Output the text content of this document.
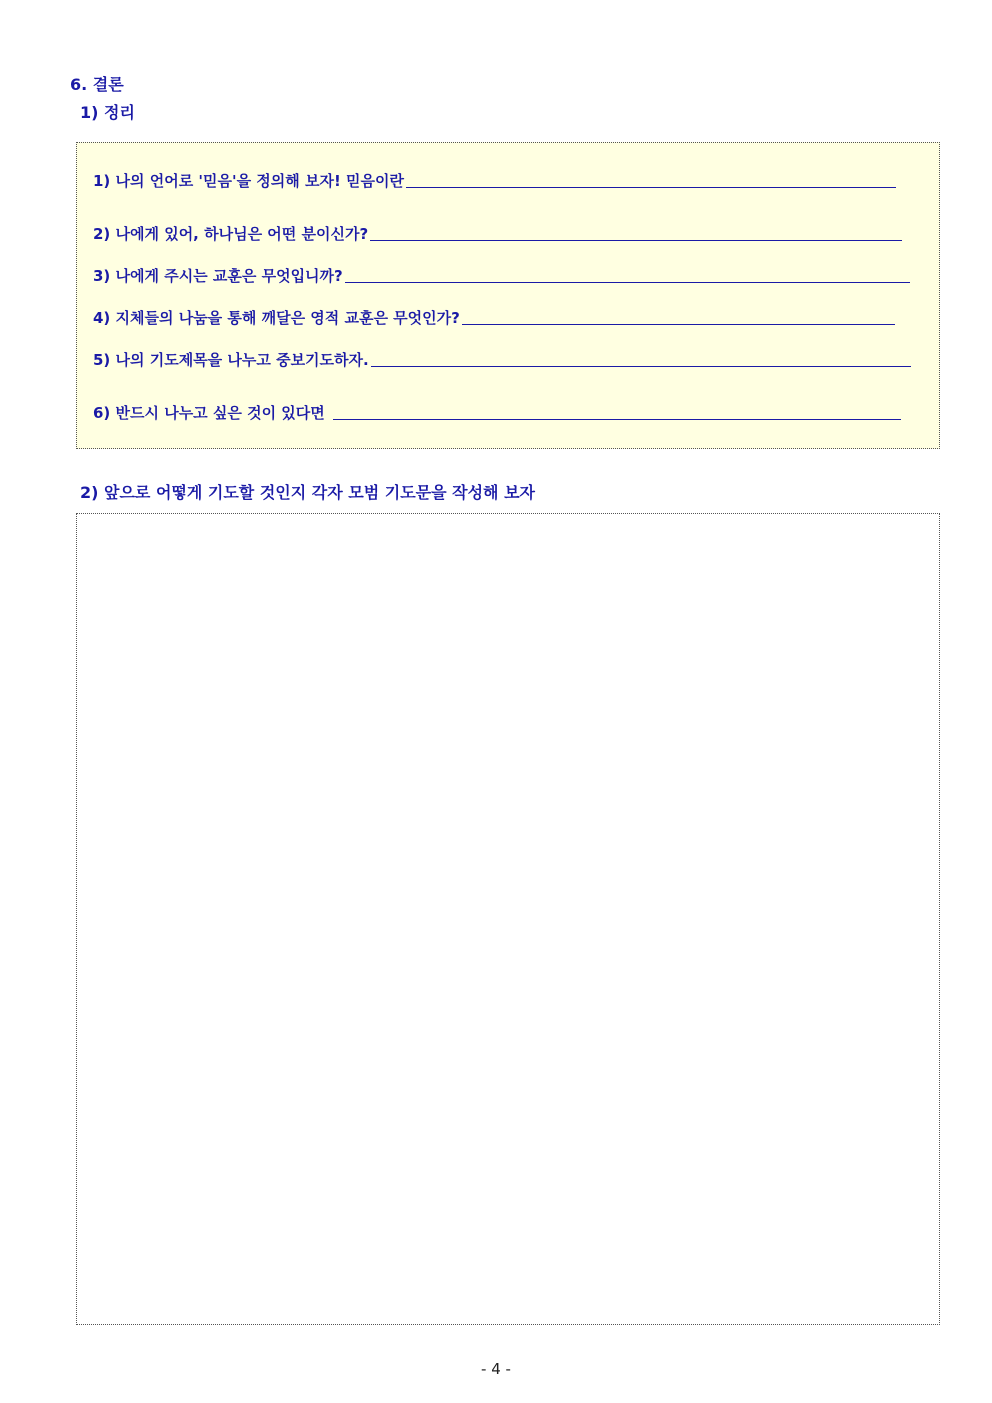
6. 결론
1) 정리
1) 나의 언어로 '믿음'을 정의해 보자! 믿음이란
2) 나에게 있어, 하나님은 어떤 분이신가?
3) 나에게 주시는 교훈은 무엇입니까?
4) 지체들의 나눔을 통해 깨달은 영적 교훈은 무엇인가?
5) 나의 기도제목을 나누고 중보기도하자.
6) 반드시 나누고 싶은 것이 있다면
2) 앞으로 어떻게 기도할 것인지 각자 모범 기도문을 작성해 보자
- 4 -
